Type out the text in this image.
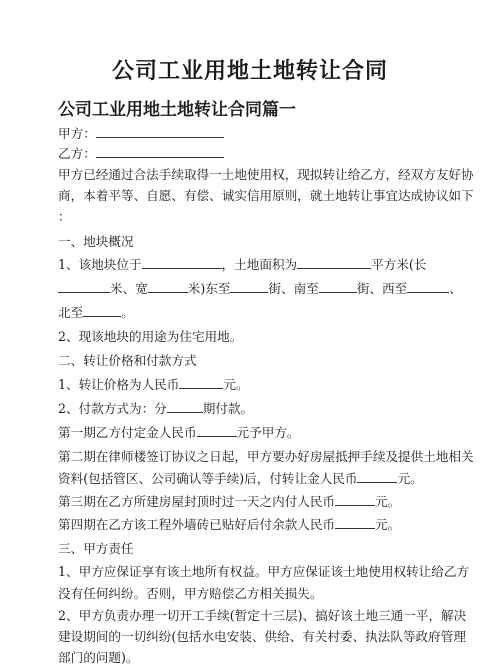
公司工业用地土地转让合同
公司工业用地土地转让合同篇一
甲方：
乙方：
甲方已经通过合法手续取得一土地使用权，现拟转让给乙方，经双方友好协
商，本着平等、自愿、有偿、诚实信用原则，就土地转让事宜达成协议如下
：
一、地块概况
1、该地块位于	，土地面积为	平方米(长
米、宽	米)东至	街、南至	街、西至	、
北至	。
2、现该地块的用途为住宅用地。
二、转让价格和付款方式
1、转让价格为人民币	元。
2、付款方式为：分	期付款。
第一期乙方付定金人民币	元予甲方。
第二期在律师楼签订协议之日起，甲方要办好房屋抵押手续及提供土地相关
资料(包括管区、公司确认等手续)后，付转让金人民币	元。
第三期在乙方所建房屋封顶时过一天之内付人民币	元。
第四期在乙方该工程外墙砖已贴好后付余款人民币	元。
三、甲方责任
1、甲方应保证享有该土地所有权益。甲方应保证该土地使用权转让给乙方
没有任何纠纷。否则，甲方赔偿乙方相关损失。
2、甲方负责办理一切开工手续(暂定十三层)、搞好该土地三通一平，解决
建设期间的一切纠纷(包括水电安装、供给、有关村委、执法队等政府管理
部门的问题)。
